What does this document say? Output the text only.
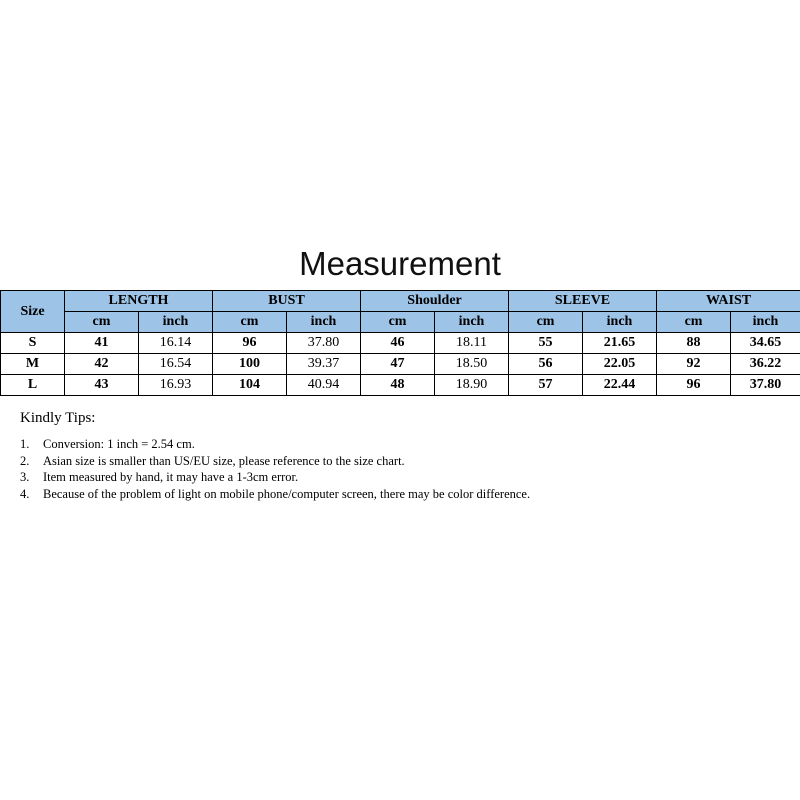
Measurement
Size	LENGTH		BUST		Shoulder		SLEEVE		WAIST	
	cm	inch	cm	inch	cm	inch	cm	inch	cm	inch
S	41	16.14	96	37.80	46	18.11	55	21.65	88	34.65
M	42	16.54	100	39.37	47	18.50	56	22.05	92	36.22
L	43	16.93	104	40.94	48	18.90	57	22.44	96	37.80
Kindly Tips:
1.	Conversion: 1 inch = 2.54 cm.
2.	Asian size is smaller than US/EU size, please reference to the size chart.
3.	Item measured by hand, it may have a 1-3cm error.
4.	Because of the problem of light on mobile phone/computer screen, there may be color difference.
